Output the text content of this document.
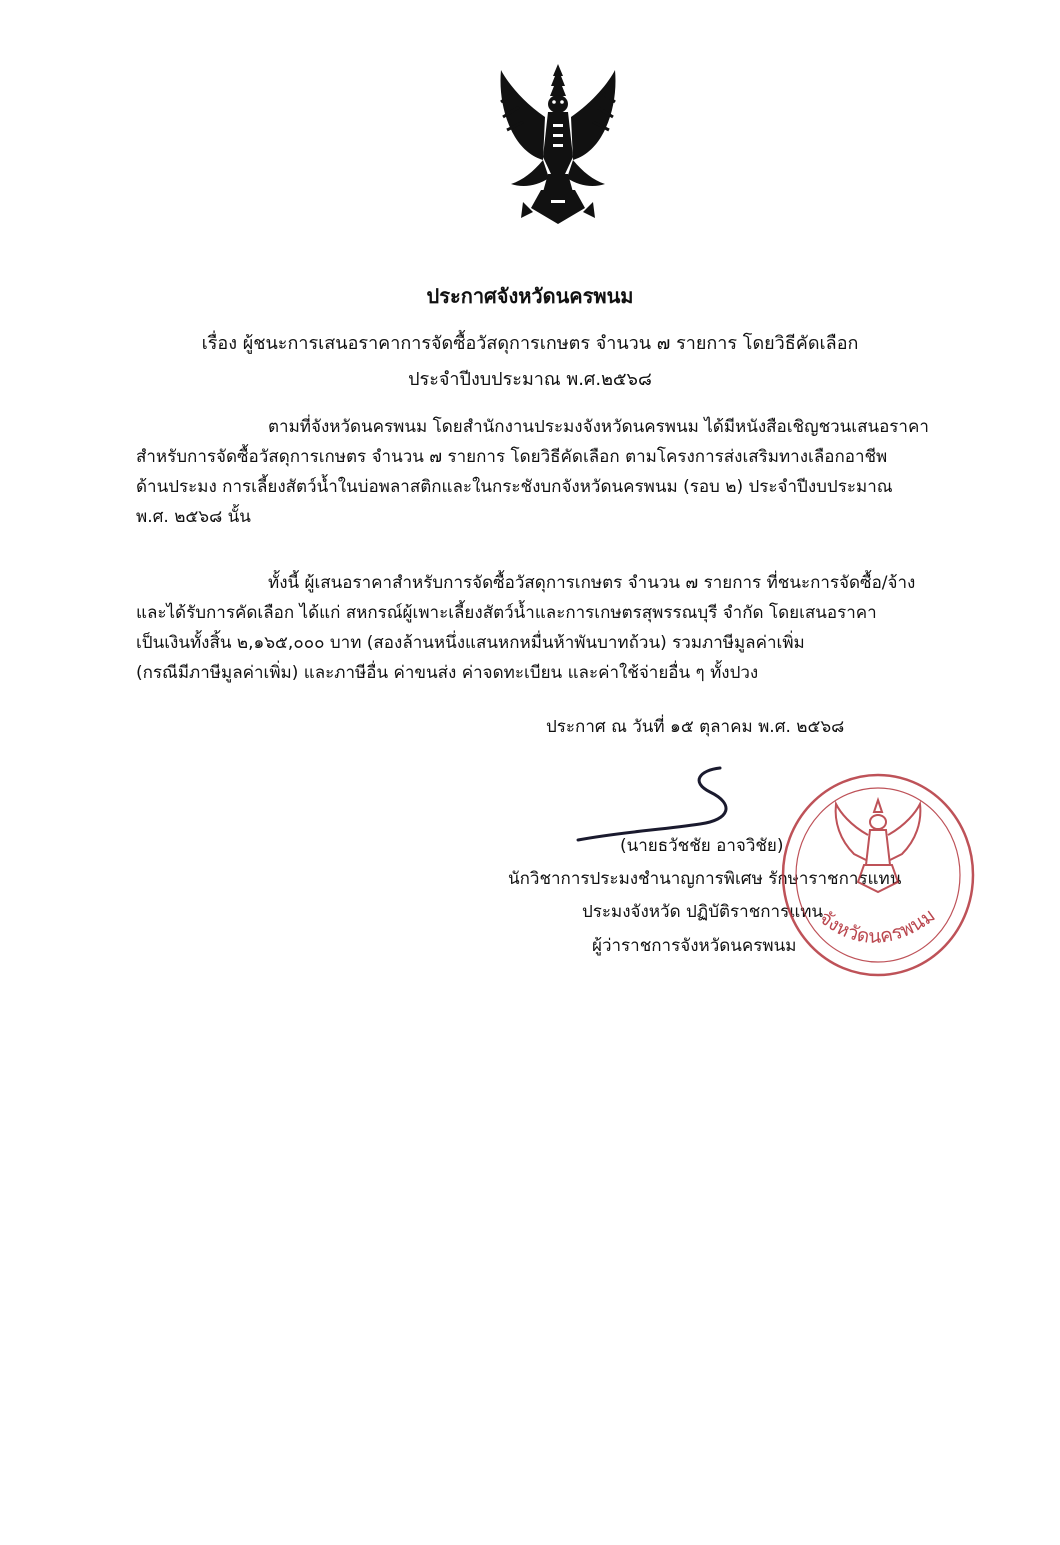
ประกาศจังหวัดนครพนม
เรื่อง ผู้ชนะการเสนอราคาการจัดซื้อวัสดุการเกษตร จำนวน ๗ รายการ โดยวิธีคัดเลือก
ประจำปีงบประมาณ พ.ศ.๒๕๖๘
ตามที่จังหวัดนครพนม โดยสำนักงานประมงจังหวัดนครพนม ได้มีหนังสือเชิญชวนเสนอราคา
สำหรับการจัดซื้อวัสดุการเกษตร จำนวน ๗ รายการ โดยวิธีคัดเลือก ตามโครงการส่งเสริมทางเลือกอาชีพ
ด้านประมง การเลี้ยงสัตว์น้ำในบ่อพลาสติกและในกระชังบกจังหวัดนครพนม (รอบ ๒) ประจำปีงบประมาณ
พ.ศ. ๒๕๖๘ นั้น
ทั้งนี้ ผู้เสนอราคาสำหรับการจัดซื้อวัสดุการเกษตร จำนวน ๗ รายการ ที่ชนะการจัดซื้อ/จ้าง
และได้รับการคัดเลือก ได้แก่ สหกรณ์ผู้เพาะเลี้ยงสัตว์น้ำและการเกษตรสุพรรณบุรี จำกัด โดยเสนอราคา
เป็นเงินทั้งสิ้น ๒,๑๖๕,๐๐๐ บาท (สองล้านหนึ่งแสนหกหมื่นห้าพันบาทถ้วน) รวมภาษีมูลค่าเพิ่ม
(กรณีมีภาษีมูลค่าเพิ่ม) และภาษีอื่น ค่าขนส่ง ค่าจดทะเบียน และค่าใช้จ่ายอื่น ๆ ทั้งปวง
ประกาศ ณ วันที่ ๑๕ ตุลาคม พ.ศ. ๒๕๖๘
(นายธวัชชัย อาจวิชัย)
นักวิชาการประมงชำนาญการพิเศษ รักษาราชการแทน
ประมงจังหวัด ปฏิบัติราชการแทน
ผู้ว่าราชการจังหวัดนครพนม
จังหวัดนครพนม
